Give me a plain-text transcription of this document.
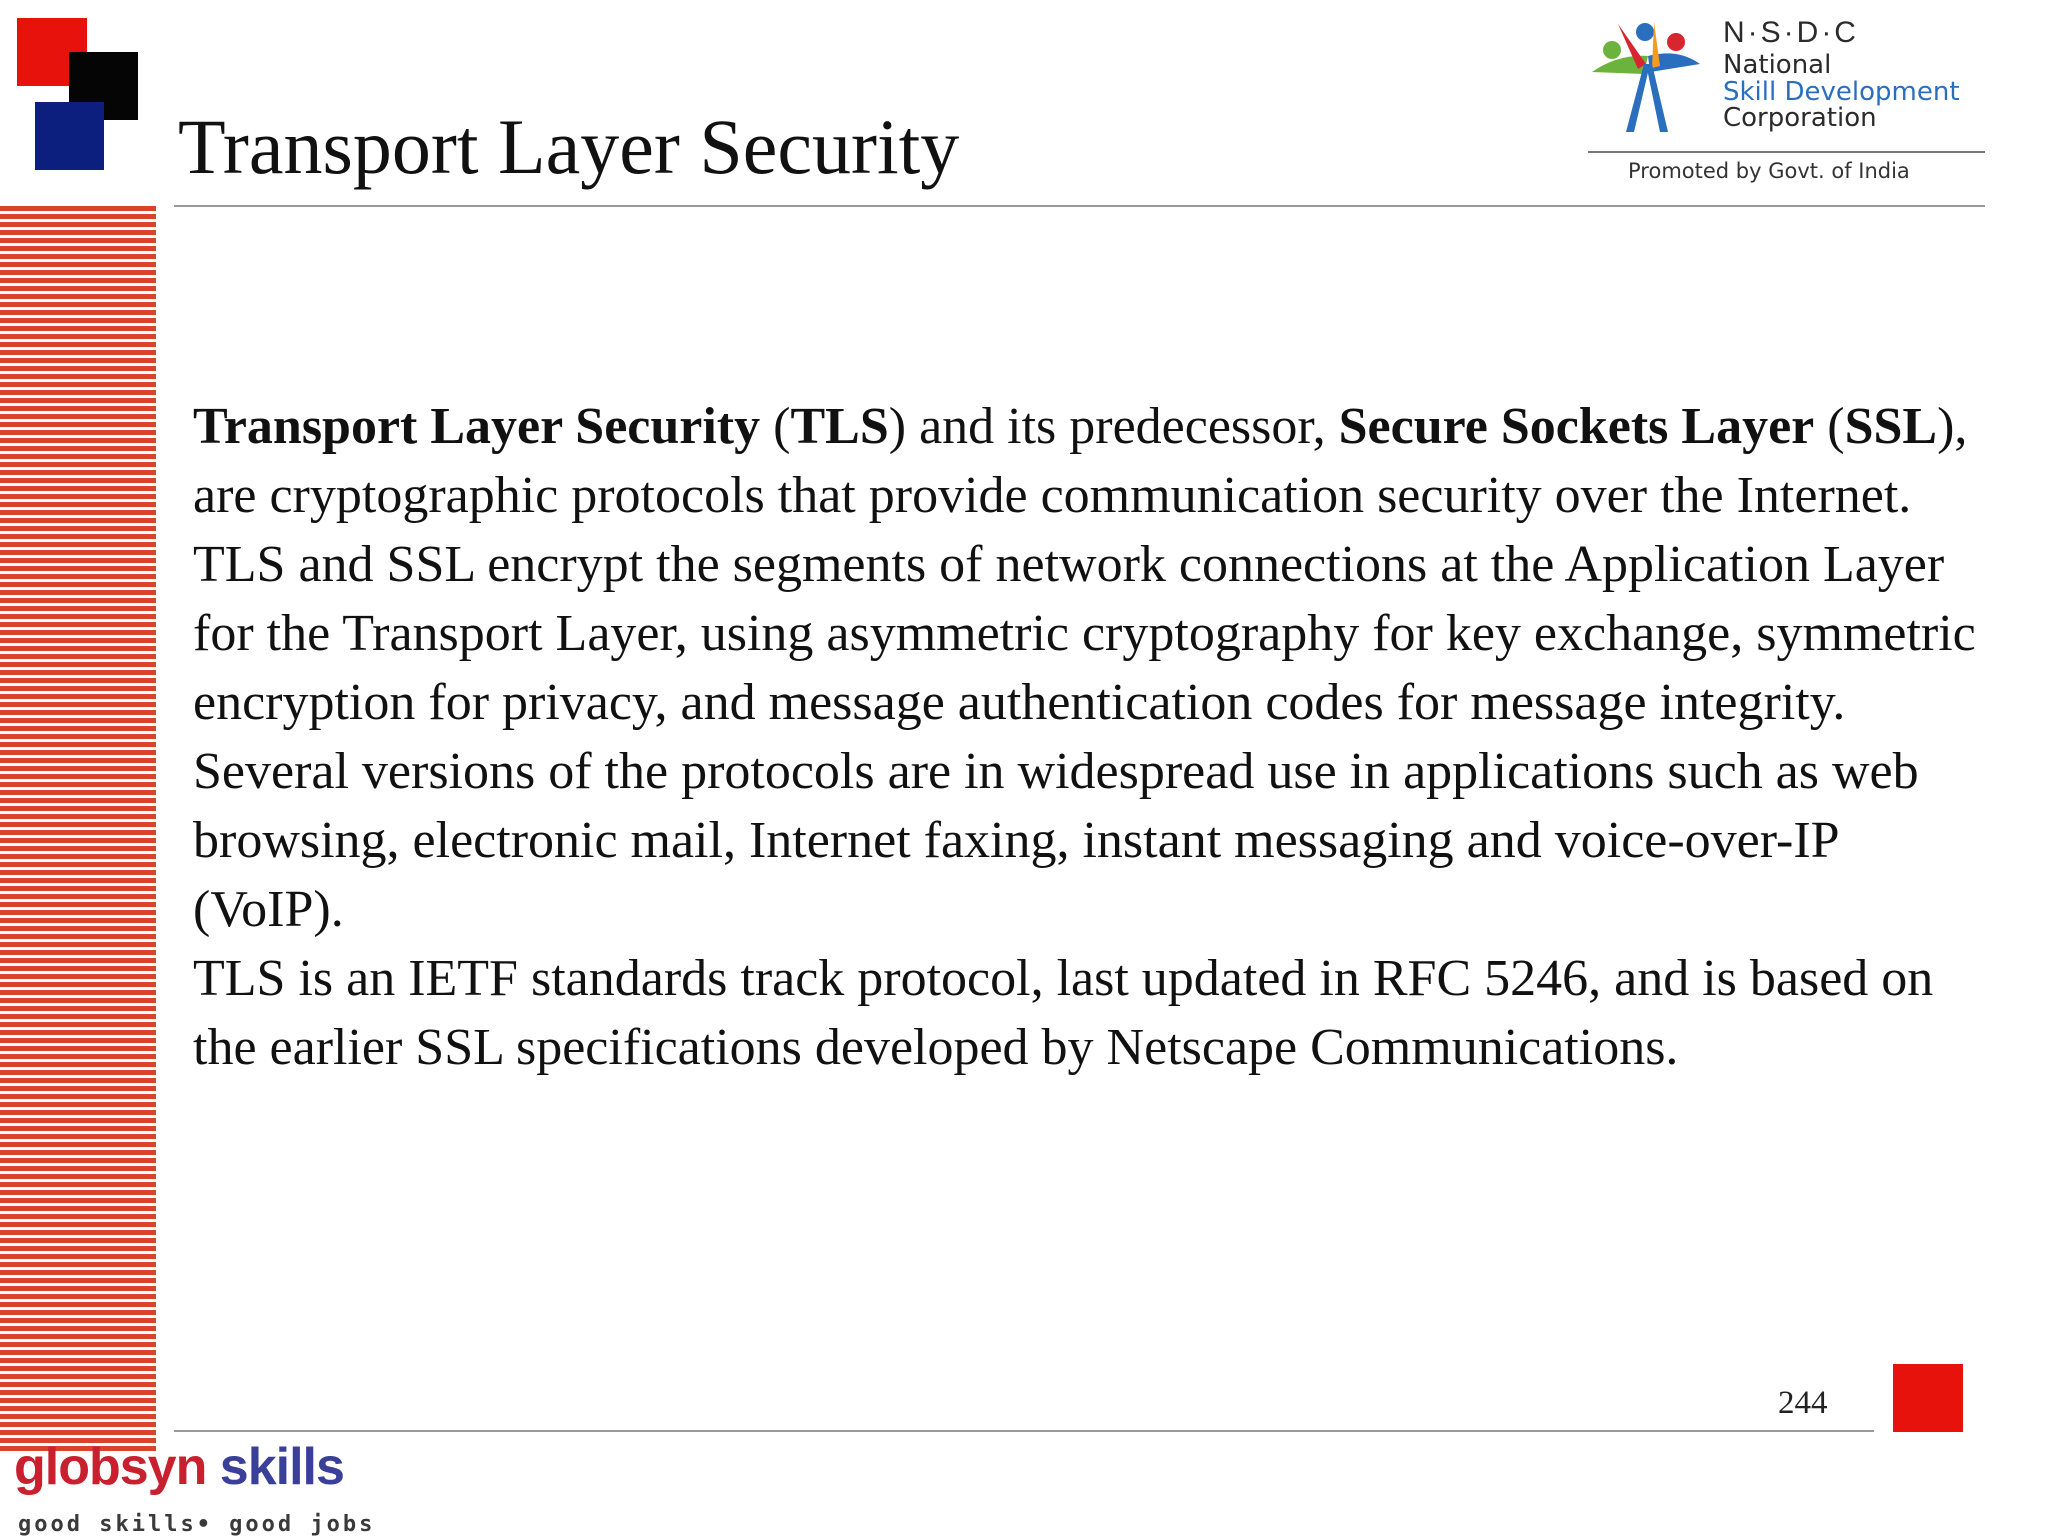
Transport Layer Security
N·S·D·C
National
Skill Development
Corporation
Promoted by Govt. of India

Transport Layer Security (TLS) and its predecessor, Secure Sockets Layer (SSL), are cryptographic protocols that provide communication security over the Internet. TLS and SSL encrypt the segments of network connections at the Application Layer for the Transport Layer, using asymmetric cryptography for key exchange, symmetric encryption for privacy, and message authentication codes for message integrity.

Several versions of the protocols are in widespread use in applications such as web browsing, electronic mail, Internet faxing, instant messaging and voice-over-IP (VoIP).

TLS is an IETF standards track protocol, last updated in RFC 5246, and is based on the earlier SSL specifications developed by Netscape Communications.

244
globsyn skills
good skills• good jobs
